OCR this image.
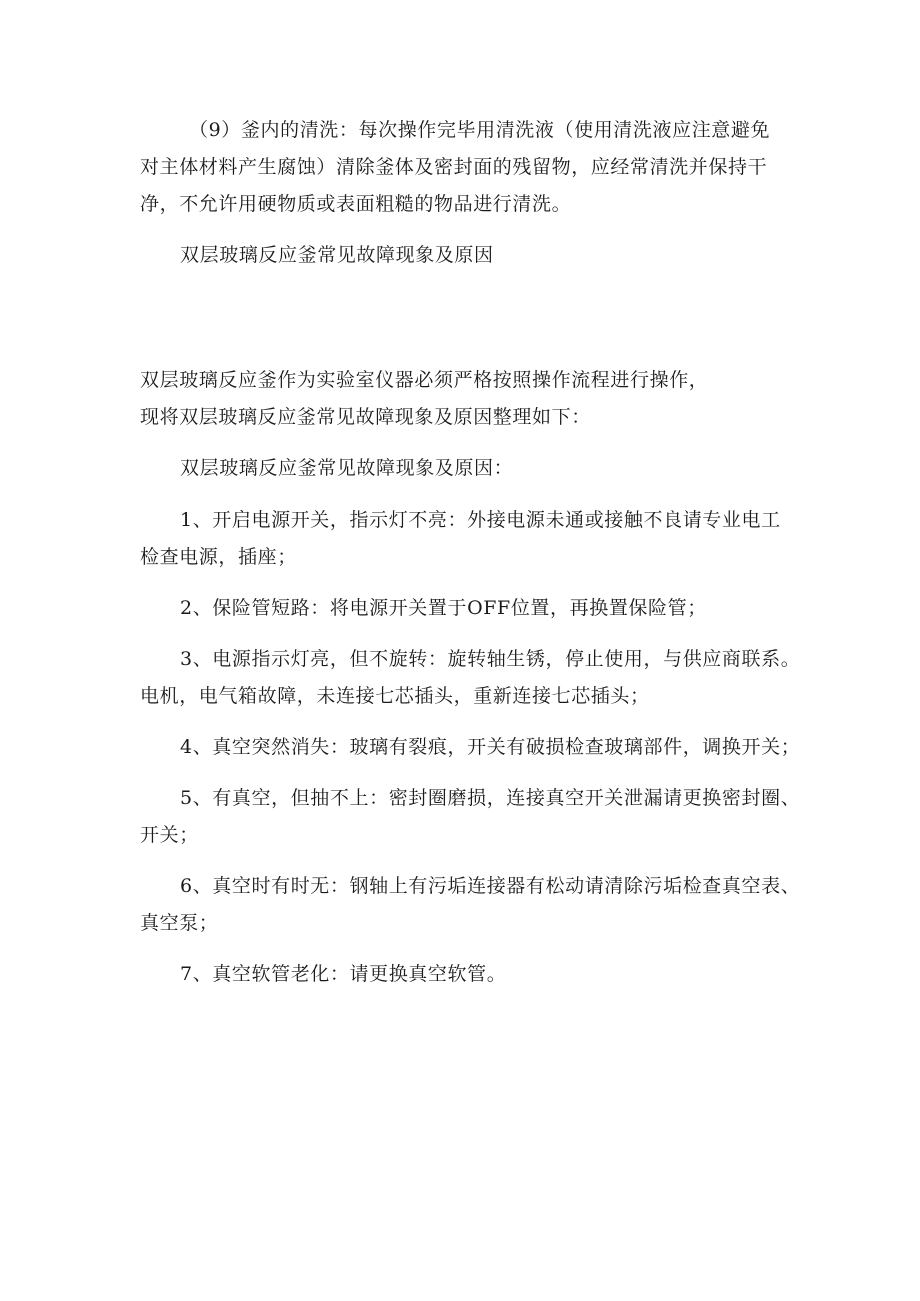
（9）釜内的清洗：每次操作完毕用清洗液（使用清洗液应注意避免

对主体材料产生腐蚀）清除釜体及密封面的残留物，应经常清洗并保持干

净，不允许用硬物质或表面粗糙的物品进行清洗。

双层玻璃反应釜常见故障现象及原因

双层玻璃反应釜作为实验室仪器必须严格按照操作流程进行操作，

现将双层玻璃反应釜常见故障现象及原因整理如下：

双层玻璃反应釜常见故障现象及原因：

1、开启电源开关，指示灯不亮：外接电源未通或接触不良请专业电工

检查电源，插座；

2、保险管短路：将电源开关置于OFF位置，再换置保险管；

3、电源指示灯亮，但不旋转：旋转轴生锈，停止使用，与供应商联系。

电机，电气箱故障，未连接七芯插头，重新连接七芯插头；

4、真空突然消失：玻璃有裂痕，开关有破损检查玻璃部件，调换开关；

5、有真空，但抽不上：密封圈磨损，连接真空开关泄漏请更换密封圈、

开关；

6、真空时有时无：钢轴上有污垢连接器有松动请清除污垢检查真空表、

真空泵；

7、真空软管老化：请更换真空软管。
